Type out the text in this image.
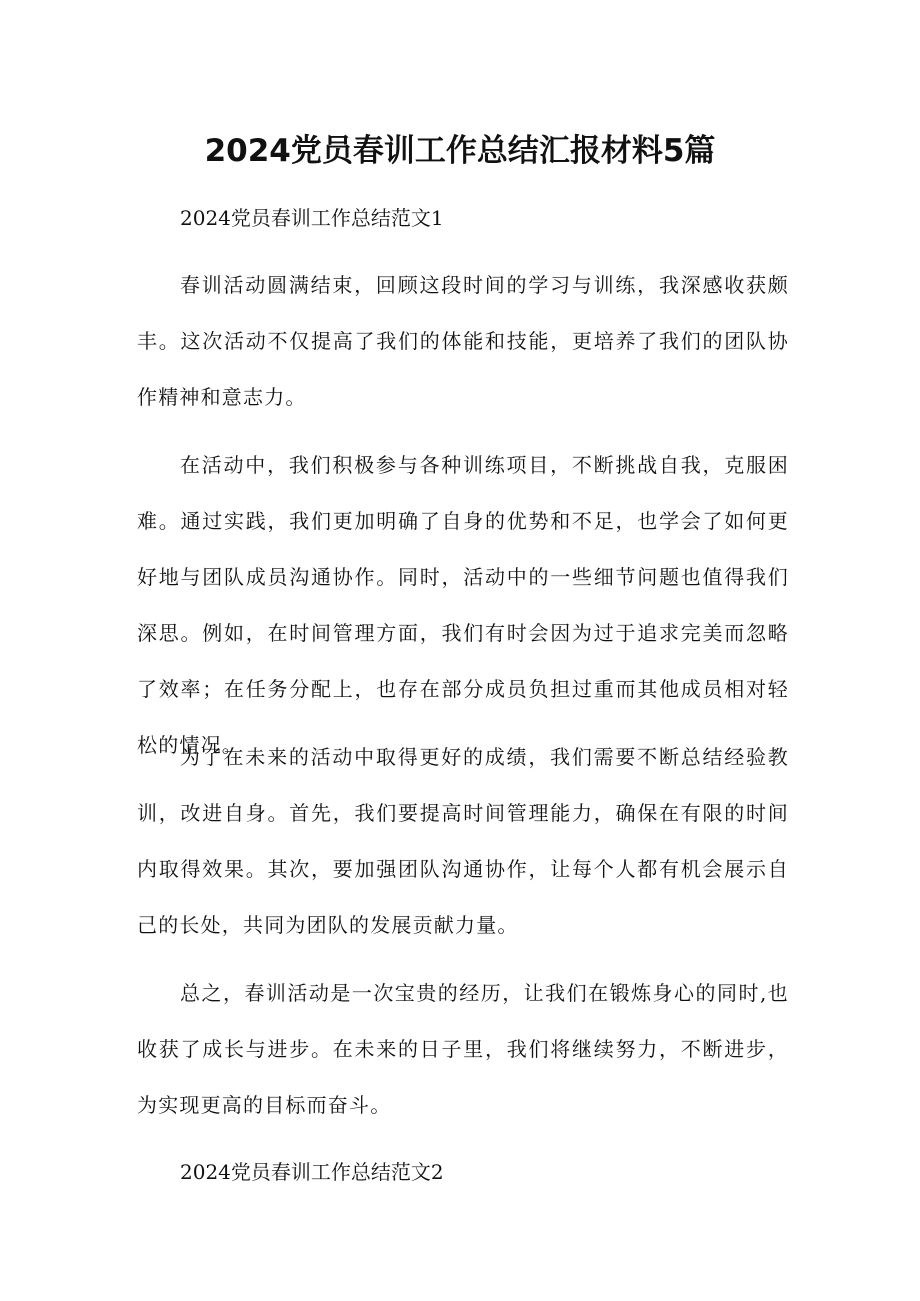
2024党员春训工作总结汇报材料5篇

2024党员春训工作总结范文1

春训活动圆满结束，回顾这段时间的学习与训练，我深感收获颇丰。这次活动不仅提高了我们的体能和技能，更培养了我们的团队协作精神和意志力。

在活动中，我们积极参与各种训练项目，不断挑战自我，克服困难。通过实践，我们更加明确了自身的优势和不足，也学会了如何更好地与团队成员沟通协作。同时，活动中的一些细节问题也值得我们深思。例如，在时间管理方面，我们有时会因为过于追求完美而忽略了效率；在任务分配上，也存在部分成员负担过重而其他成员相对轻松的情况。

为了在未来的活动中取得更好的成绩，我们需要不断总结经验教训，改进自身。首先，我们要提高时间管理能力，确保在有限的时间内取得效果。其次，要加强团队沟通协作，让每个人都有机会展示自己的长处，共同为团队的发展贡献力量。

总之，春训活动是一次宝贵的经历，让我们在锻炼身心的同时,也收获了成长与进步。在未来的日子里，我们将继续努力，不断进步，为实现更高的目标而奋斗。

2024党员春训工作总结范文2
